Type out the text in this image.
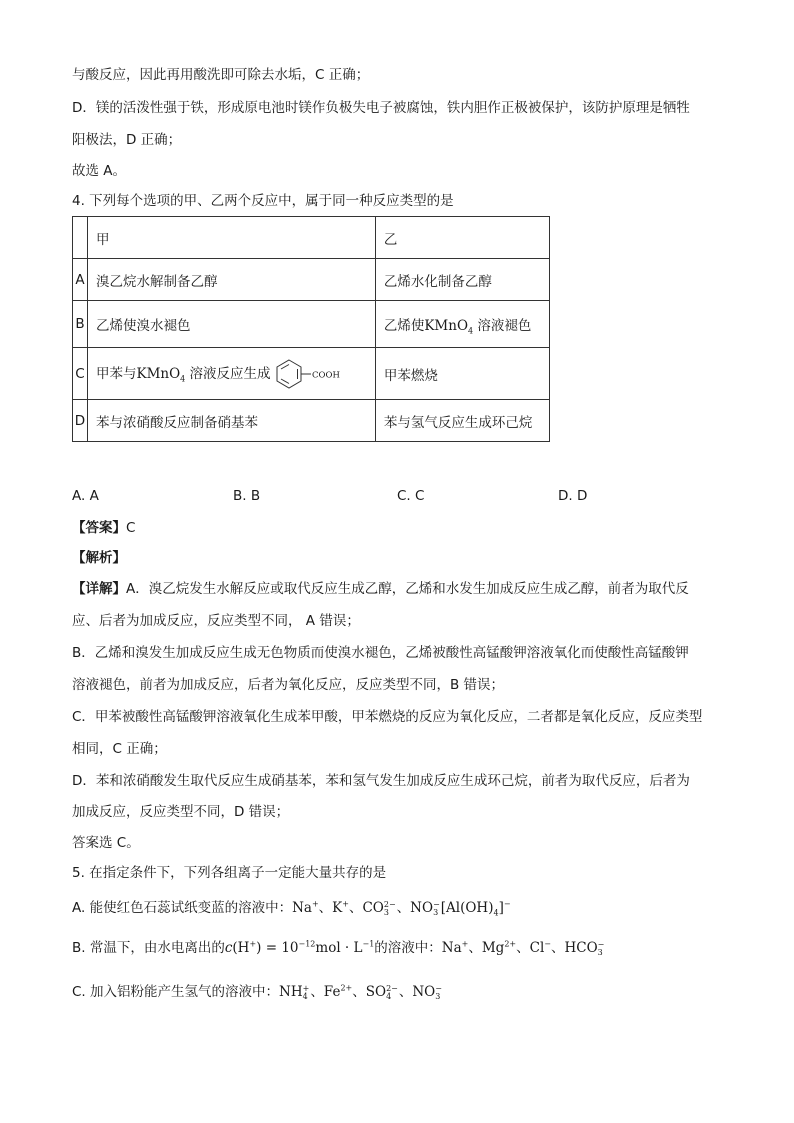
与酸反应，因此再用酸洗即可除去水垢，C 正确；
D．镁的活泼性强于铁，形成原电池时镁作负极失电子被腐蚀，铁内胆作正极被保护，该防护原理是牺牲
阳极法，D 正确；
故选 A。
4. 下列每个选项的甲、乙两个反应中，属于同一种反应类型的是
	甲	乙
A	溴乙烷水解制备乙醇	乙烯水化制备乙醇
B	乙烯使溴水褪色	乙烯使KMnO$_4$ 溶液褪色
C	甲苯与KMnO$_4$ 溶液反应生成 COOH	甲苯燃烧
D	苯与浓硝酸反应制备硝基苯	苯与氢气反应生成环己烷
A. A	B. B	C. C	D. D
【答案】C
【解析】
【详解】A．溴乙烷发生水解反应或取代反应生成乙醇，乙烯和水发生加成反应生成乙醇，前者为取代反
应、后者为加成反应，反应类型不同， A 错误；
B．乙烯和溴发生加成反应生成无色物质而使溴水褪色，乙烯被酸性高锰酸钾溶液氧化而使酸性高锰酸钾
溶液褪色，前者为加成反应，后者为氧化反应，反应类型不同，B 错误；
C．甲苯被酸性高锰酸钾溶液氧化生成苯甲酸，甲苯燃烧的反应为氧化反应，二者都是氧化反应，反应类型
相同，C 正确；
D．苯和浓硝酸发生取代反应生成硝基苯，苯和氢气发生加成反应生成环己烷，前者为取代反应，后者为
加成反应，反应类型不同，D 错误；
答案选 C。
5. 在指定条件下，下列各组离子一定能大量共存的是
A. 能使红色石蕊试纸变蓝的溶液中：Na+、K+、CO 2−
3 、NO −
3 $[Al(OH)_4]^-$
B. 常温下，由水电离出的$c(H^+) = 10^{-12}mol \cdot L^{-1}$的溶液中：Na+、$Mg^{2+}$、Cl−、HCO −
3
C. 加入铝粉能产生氢气的溶液中：NH +
4 、$Fe^{2+}$、SO 2−
4 、NO −
3
